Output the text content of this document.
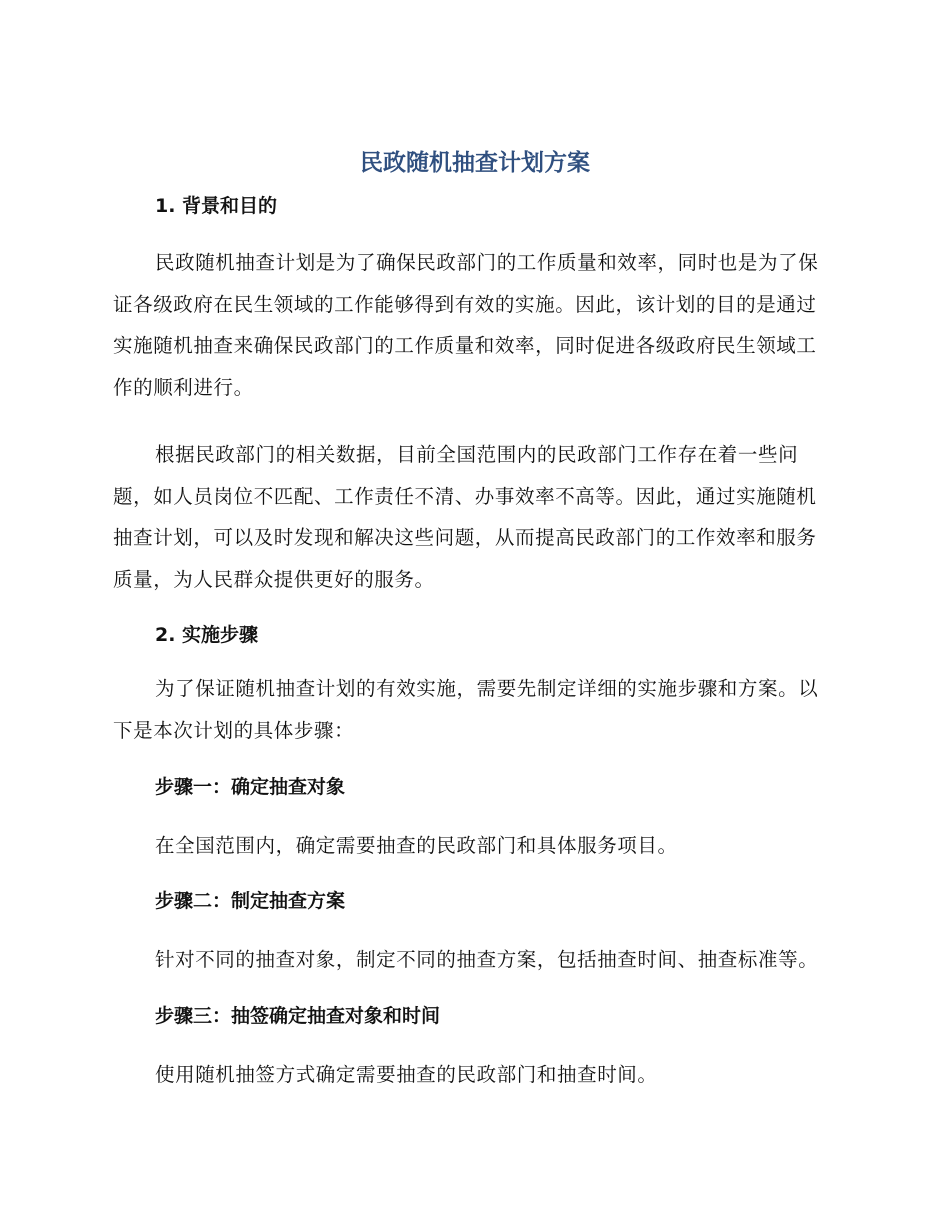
民政随机抽查计划方案
1. 背景和目的

民政随机抽查计划是为了确保民政部门的工作质量和效率，同时也是为了保证各级政府在民生领域的工作能够得到有效的实施。因此，该计划的目的是通过实施随机抽查来确保民政部门的工作质量和效率，同时促进各级政府民生领域工作的顺利进行。

根据民政部门的相关数据，目前全国范围内的民政部门工作存在着一些问题，如人员岗位不匹配、工作责任不清、办事效率不高等。因此，通过实施随机抽查计划，可以及时发现和解决这些问题，从而提高民政部门的工作效率和服务质量，为人民群众提供更好的服务。

2. 实施步骤

为了保证随机抽查计划的有效实施，需要先制定详细的实施步骤和方案。以下是本次计划的具体步骤：

步骤一：确定抽查对象

在全国范围内，确定需要抽查的民政部门和具体服务项目。

步骤二：制定抽查方案

针对不同的抽查对象，制定不同的抽查方案，包括抽查时间、抽查标准等。

步骤三：抽签确定抽查对象和时间

使用随机抽签方式确定需要抽查的民政部门和抽查时间。
